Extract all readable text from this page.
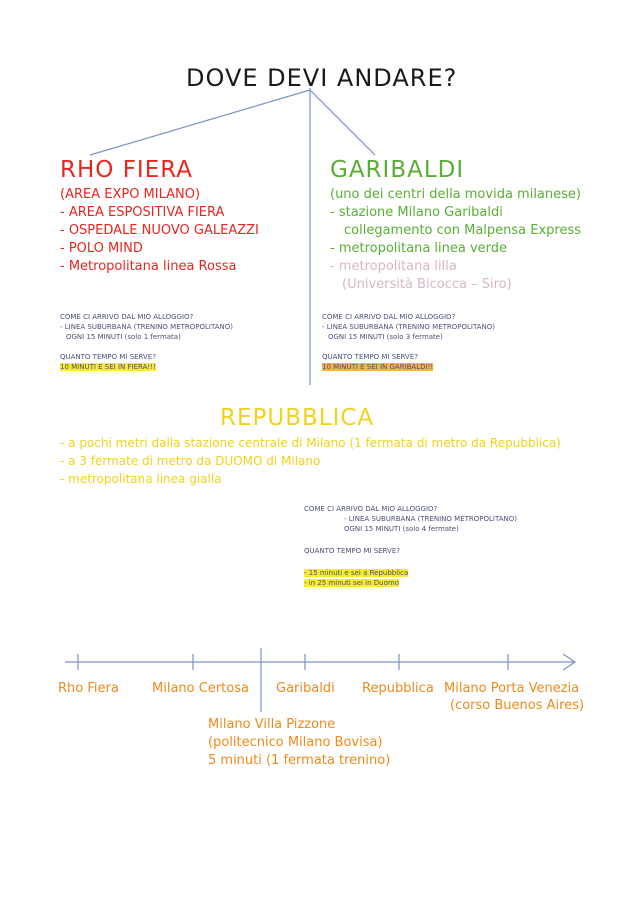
DOVE DEVI ANDARE?
RHO FIERA
(AREA EXPO MILANO)
- AREA ESPOSITIVA FIERA
- OSPEDALE NUOVO GALEAZZI
- POLO MIND
- Metropolitana linea Rossa
COME CI ARRIVO DAL MIO ALLOGGIO?
- LINEA SUBURBANA (TRENINO METROPOLITANO)
OGNI 15 MINUTI (solo 1 fermata)
QUANTO TEMPO MI SERVE?
10 MINUTI E SEI IN FIERA!!!
GARIBALDI
(uno dei centri della movida milanese)
- stazione Milano Garibaldi
collegamento con Malpensa Express
- metropolitana linea verde
- metropolitana lilla
(Università Bicocca – Siro)
COME CI ARRIVO DAL MIO ALLOGGIO?
- LINEA SUBURBANA (TRENINO METROPOLITANO)
OGNI 15 MINUTI (solo 3 fermate)
QUANTO TEMPO MI SERVE?
10 MINUTI E SEI IN GARIBALDI!!
REPUBBLICA
- a pochi metri dalla stazione centrale di Milano (1 fermata di metro da Repubblica)
- a 3 fermate di metro da DUOMO di Milano
- metropolitana linea gialla
COME CI ARRIVO DAL MIO ALLOGGIO?
- LINEA SUBURBANA (TRENINO METROPOLITANO)
OGNI 15 MINUTI (solo 4 fermate)
QUANTO TEMPO MI SERVE?
- 15 minuti e sei a Repubblica
- in 25 minuti sei in Duomo
Rho Fiera	Milano Certosa Garibaldi Repubblica Milano Porta Venezia
(corso Buenos Aires)
Milano Villa Pizzone
(politecnico Milano Bovisa)
5 minuti (1 fermata trenino)
